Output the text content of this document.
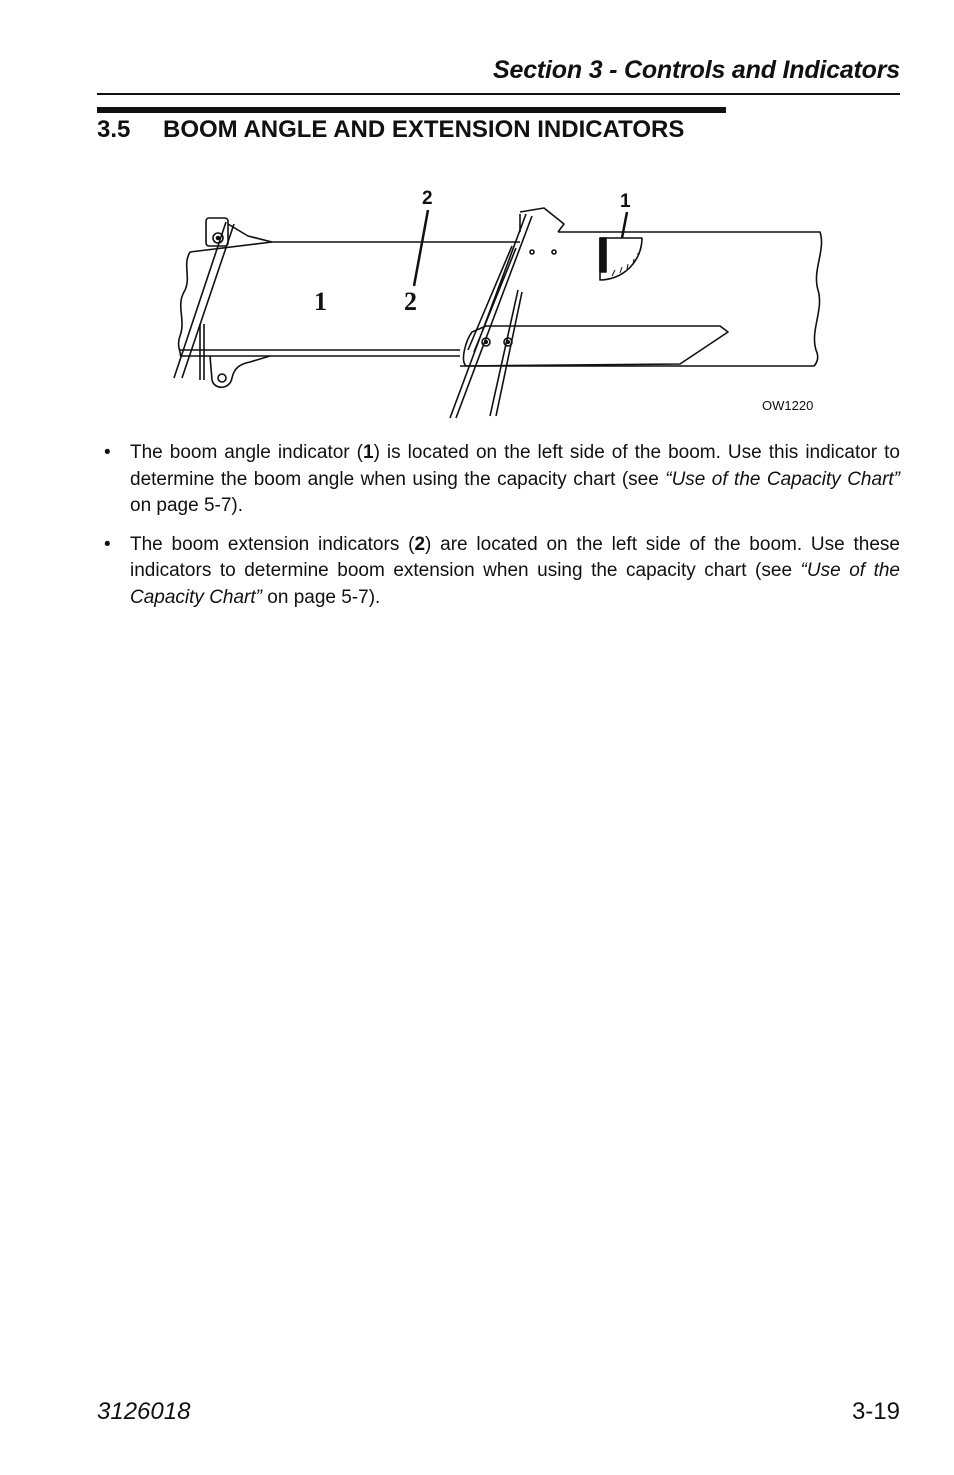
Section 3 - Controls and Indicators
3.5 BOOM ANGLE AND EXTENSION INDICATORS
2	1
1	2
OW1220
• The boom angle indicator (1) is located on the left side of the boom. Use this indicator to determine the boom angle when using the capacity chart (see “Use of the Capacity Chart” on page 5-7).
• The boom extension indicators (2) are located on the left side of the boom. Use these indicators to determine boom extension when using the capacity chart (see “Use of the Capacity Chart” on page 5-7).
3126018	3-19
